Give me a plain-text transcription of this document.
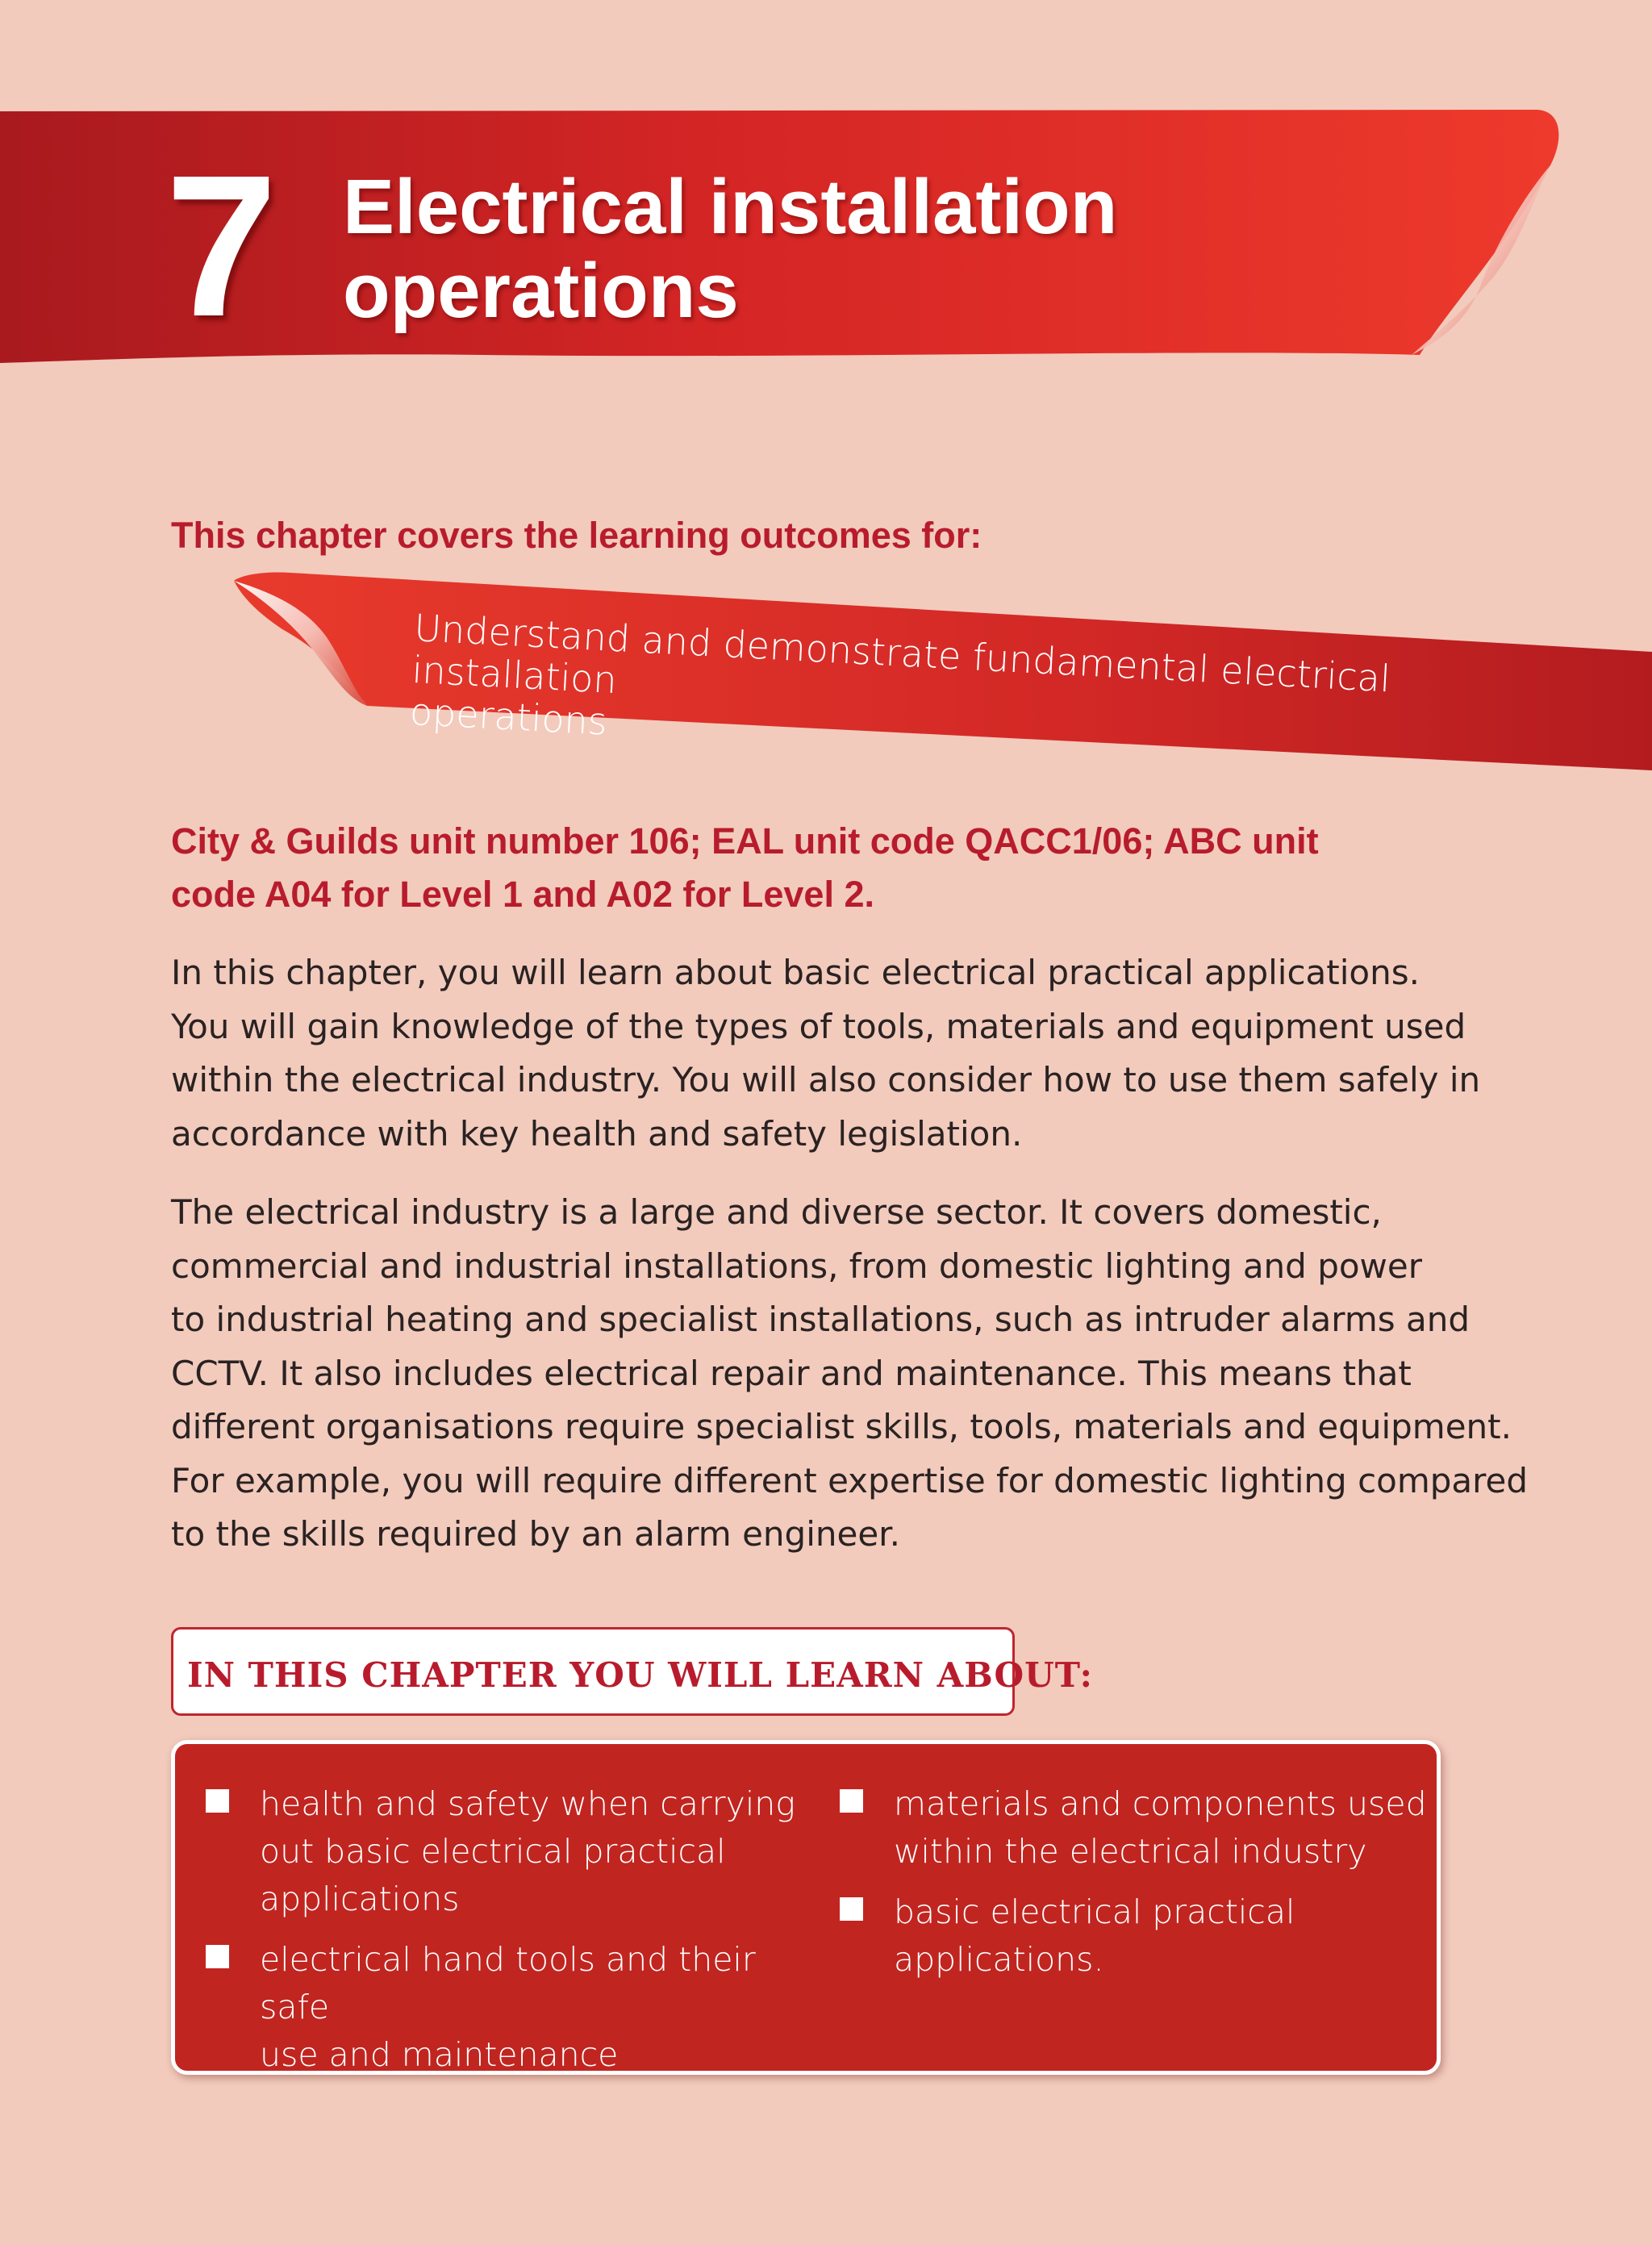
7 Electrical installation
operations
This chapter covers the learning outcomes for:
Understand and demonstrate fundamental electrical installation
operations
City & Guilds unit number 106; EAL unit code QACC1/06; ABC unit
code A04 for Level 1 and A02 for Level 2.
In this chapter, you will learn about basic electrical practical applications.
You will gain knowledge of the types of tools, materials and equipment used
within the electrical industry. You will also consider how to use them safely in
accordance with key health and safety legislation.
The electrical industry is a large and diverse sector. It covers domestic,
commercial and industrial installations, from domestic lighting and power
to industrial heating and specialist installations, such as intruder alarms and
CCTV. It also includes electrical repair and maintenance. This means that
different organisations require specialist skills, tools, materials and equipment.
For example, you will require different expertise for domestic lighting compared
to the skills required by an alarm engineer.
IN THIS CHAPTER YOU WILL LEARN ABOUT:
health and safety when carrying
out basic electrical practical
applications
electrical hand tools and their safe
use and maintenance
materials and components used
within the electrical industry
basic electrical practical
applications.
